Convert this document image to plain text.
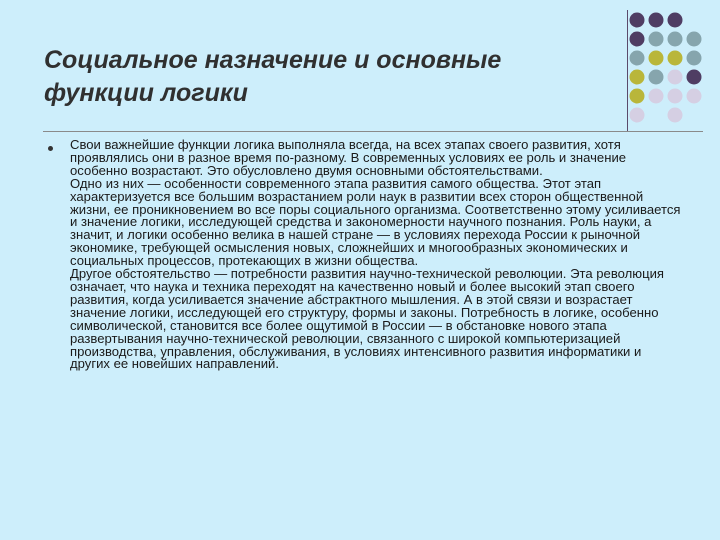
Социальное назначение и основные
функции логики
Свои важнейшие функции логика выполняла всегда, на всех этапах своего развития, хотя проявлялись они в разное время по-разному. В современных условиях ее роль и значение особенно возрастают. Это обусловлено двумя основными обстоятельствами.
Одно из них — особенности современного этапа развития самого общества. Этот этап характеризуется все большим возрастанием роли наук в развитии всех сторон общественной жизни, ее проникновением во все поры социального организма. Соответственно этому усиливается и значение логики, исследующей средства и закономерности научного познания. Роль науки, а значит, и логики особенно велика в нашей стране — в условиях перехода России к рыночной экономике, требующей осмысления новых, сложнейших и многообразных экономических и социальных процессов, протекающих в жизни общества.
Другое обстоятельство — потребности развития научно-технической революции. Эта революция означает, что наука и техника переходят на качественно новый и более высокий этап своего развития, когда усиливается значение абстрактного мышления. А в этой связи и возрастает значение логики, исследующей его структуру, формы и законы. Потребность в логике, особенно символической, становится все более ощутимой в России — в обстановке нового этапа развертывания научно-технической революции, связанного с широкой компьютеризацией производства, управления, обслуживания, в условиях интенсивного развития информатики и других ее новейших направлений.
